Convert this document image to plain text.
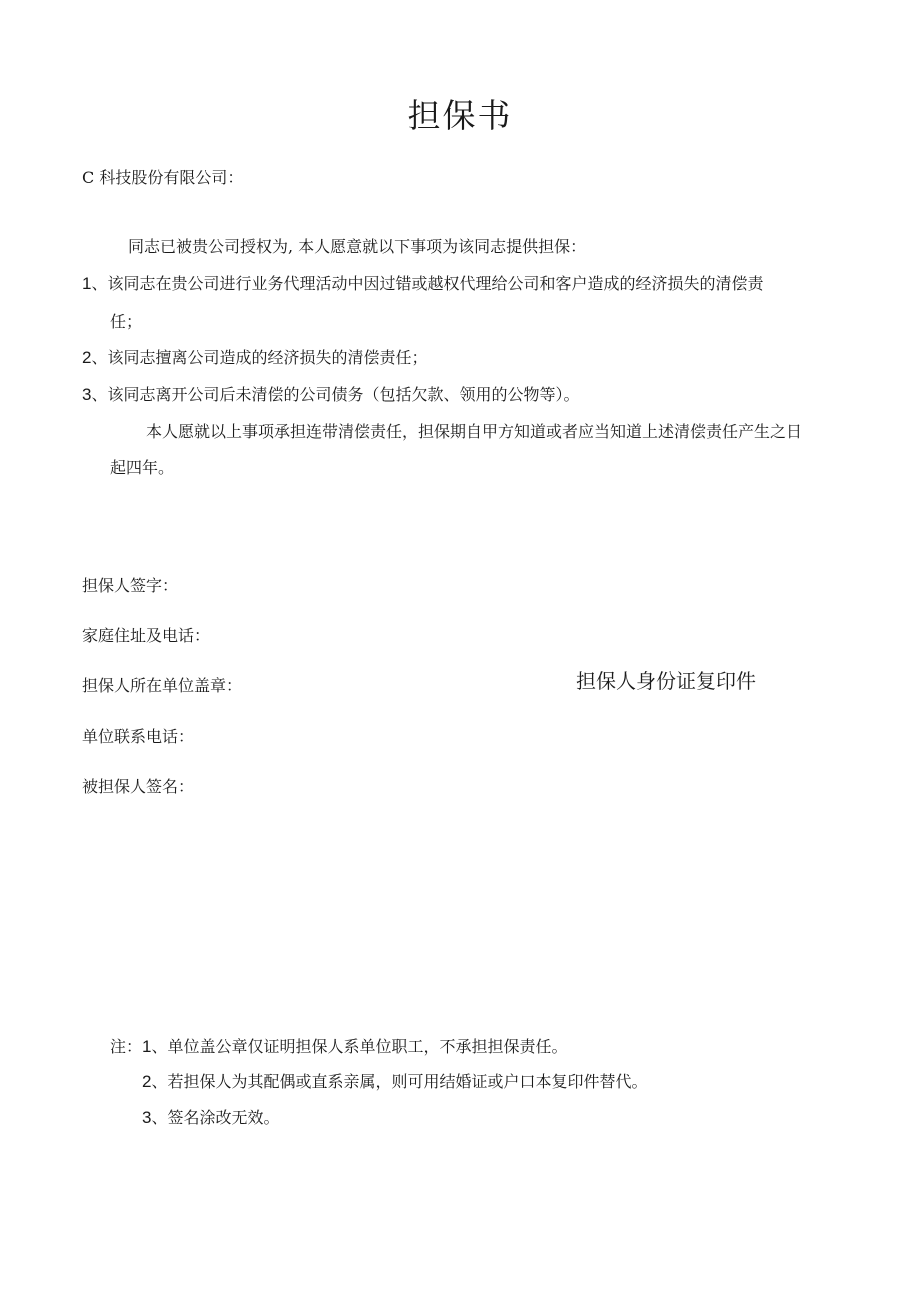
担保书
C 科技股份有限公司：
同志已被贵公司授权为, 本人愿意就以下事项为该同志提供担保：
1、该同志在贵公司进行业务代理活动中因过错或越权代理给公司和客户造成的经济损失的清偿责
任；
2、该同志擅离公司造成的经济损失的清偿责任；
3、该同志离开公司后未清偿的公司债务（包括欠款、领用的公物等）。
本人愿就以上事项承担连带清偿责任，担保期自甲方知道或者应当知道上述清偿责任产生之日
起四年。
担保人签字：
家庭住址及电话：
担保人所在单位盖章：
单位联系电话：
被担保人签名：
担保人身份证复印件
注：1、单位盖公章仅证明担保人系单位职工，不承担担保责任。
2、若担保人为其配偶或直系亲属，则可用结婚证或户口本复印件替代。
3、签名涂改无效。
